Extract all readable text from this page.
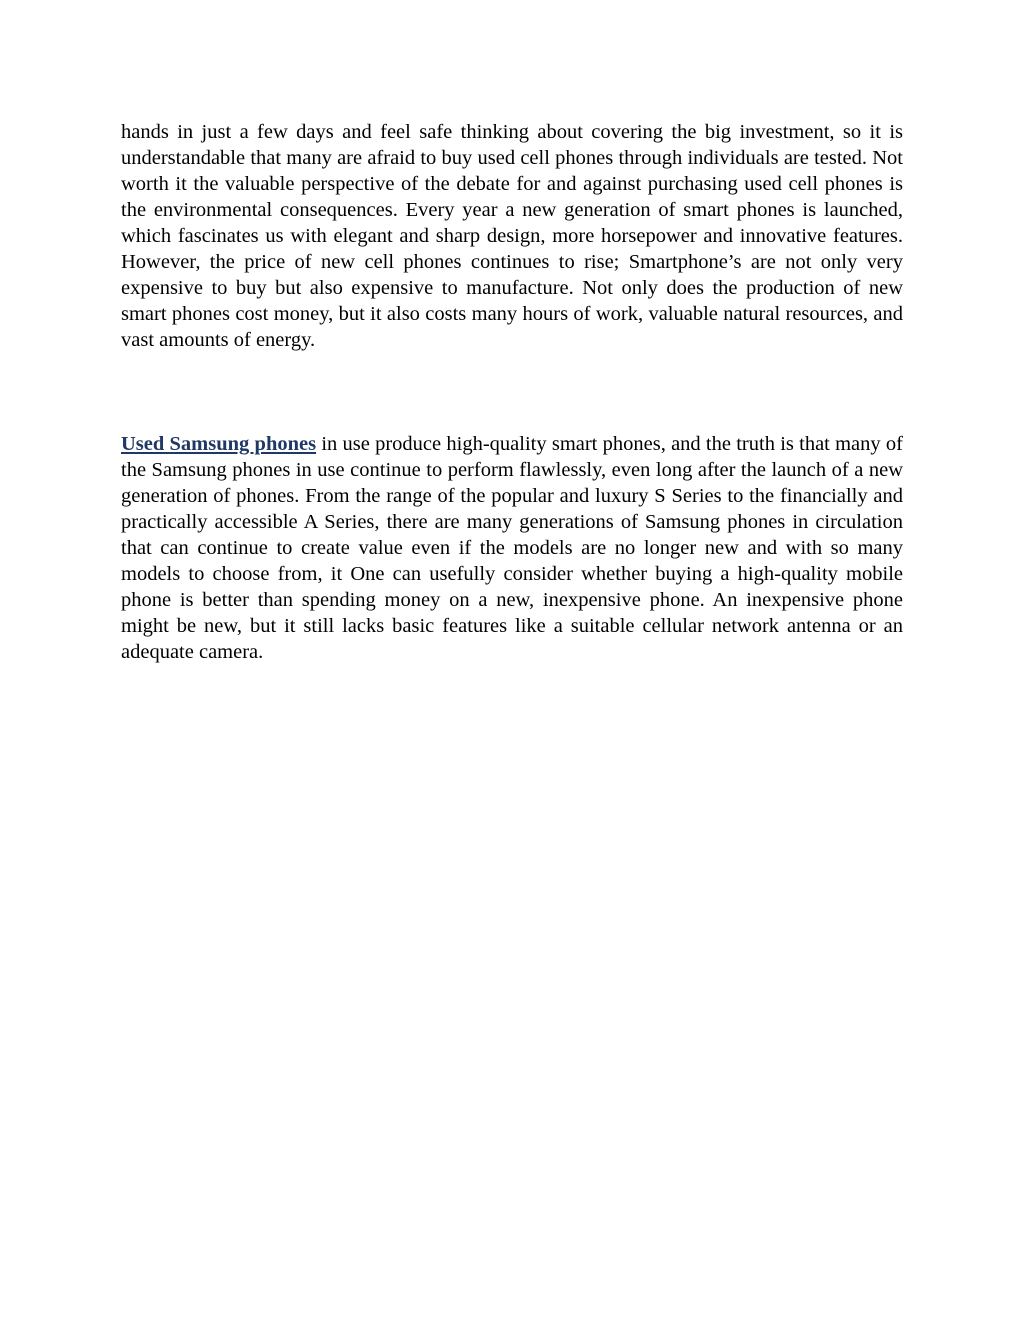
hands in just a few days and feel safe thinking about covering the big investment, so it is understandable that many are afraid to buy used cell phones through individuals are tested. Not worth it the valuable perspective of the debate for and against purchasing used cell phones is the environmental consequences. Every year a new generation of smart phones is launched, which fascinates us with elegant and sharp design, more horsepower and innovative features. However, the price of new cell phones continues to rise; Smartphone’s are not only very expensive to buy but also expensive to manufacture. Not only does the production of new smart phones cost money, but it also costs many hours of work, valuable natural resources, and vast amounts of energy.

Used Samsung phones in use produce high-quality smart phones, and the truth is that many of the Samsung phones in use continue to perform flawlessly, even long after the launch of a new generation of phones. From the range of the popular and luxury S Series to the financially and practically accessible A Series, there are many generations of Samsung phones in circulation that can continue to create value even if the models are no longer new and with so many models to choose from, it One can usefully consider whether buying a high-quality mobile phone is better than spending money on a new, inexpensive phone. An inexpensive phone might be new, but it still lacks basic features like a suitable cellular network antenna or an adequate camera.
